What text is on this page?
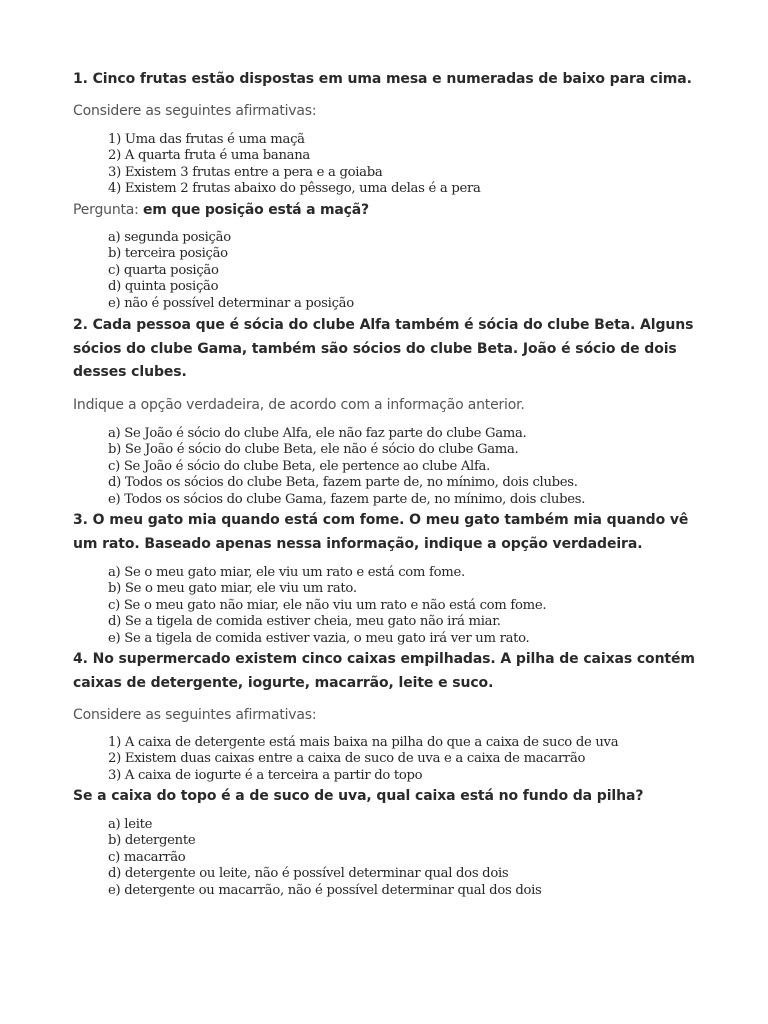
1. Cinco frutas estão dispostas em uma mesa e numeradas de baixo para cima.

Considere as seguintes afirmativas:

1) Uma das frutas é uma maçã
2) A quarta fruta é uma banana
3) Existem 3 frutas entre a pera e a goiaba
4) Existem 2 frutas abaixo do pêssego, uma delas é a pera

Pergunta: em que posição está a maçã?

a) segunda posição
b) terceira posição
c) quarta posição
d) quinta posição
e) não é possível determinar a posição

2. Cada pessoa que é sócia do clube Alfa também é sócia do clube Beta. Alguns sócios do clube Gama, também são sócios do clube Beta. João é sócio de dois desses clubes.

Indique a opção verdadeira, de acordo com a informação anterior.

a) Se João é sócio do clube Alfa, ele não faz parte do clube Gama.
b) Se João é sócio do clube Beta, ele não é sócio do clube Gama.
c) Se João é sócio do clube Beta, ele pertence ao clube Alfa.
d) Todos os sócios do clube Beta, fazem parte de, no mínimo, dois clubes.
e) Todos os sócios do clube Gama, fazem parte de, no mínimo, dois clubes.

3. O meu gato mia quando está com fome. O meu gato também mia quando vê um rato. Baseado apenas nessa informação, indique a opção verdadeira.

a) Se o meu gato miar, ele viu um rato e está com fome.
b) Se o meu gato miar, ele viu um rato.
c) Se o meu gato não miar, ele não viu um rato e não está com fome.
d) Se a tigela de comida estiver cheia, meu gato não irá miar.
e) Se a tigela de comida estiver vazia, o meu gato irá ver um rato.

4. No supermercado existem cinco caixas empilhadas. A pilha de caixas contém caixas de detergente, iogurte, macarrão, leite e suco.

Considere as seguintes afirmativas:

1) A caixa de detergente está mais baixa na pilha do que a caixa de suco de uva
2) Existem duas caixas entre a caixa de suco de uva e a caixa de macarrão
3) A caixa de iogurte é a terceira a partir do topo

Se a caixa do topo é a de suco de uva, qual caixa está no fundo da pilha?

a) leite
b) detergente
c) macarrão
d) detergente ou leite, não é possível determinar qual dos dois
e) detergente ou macarrão, não é possível determinar qual dos dois
